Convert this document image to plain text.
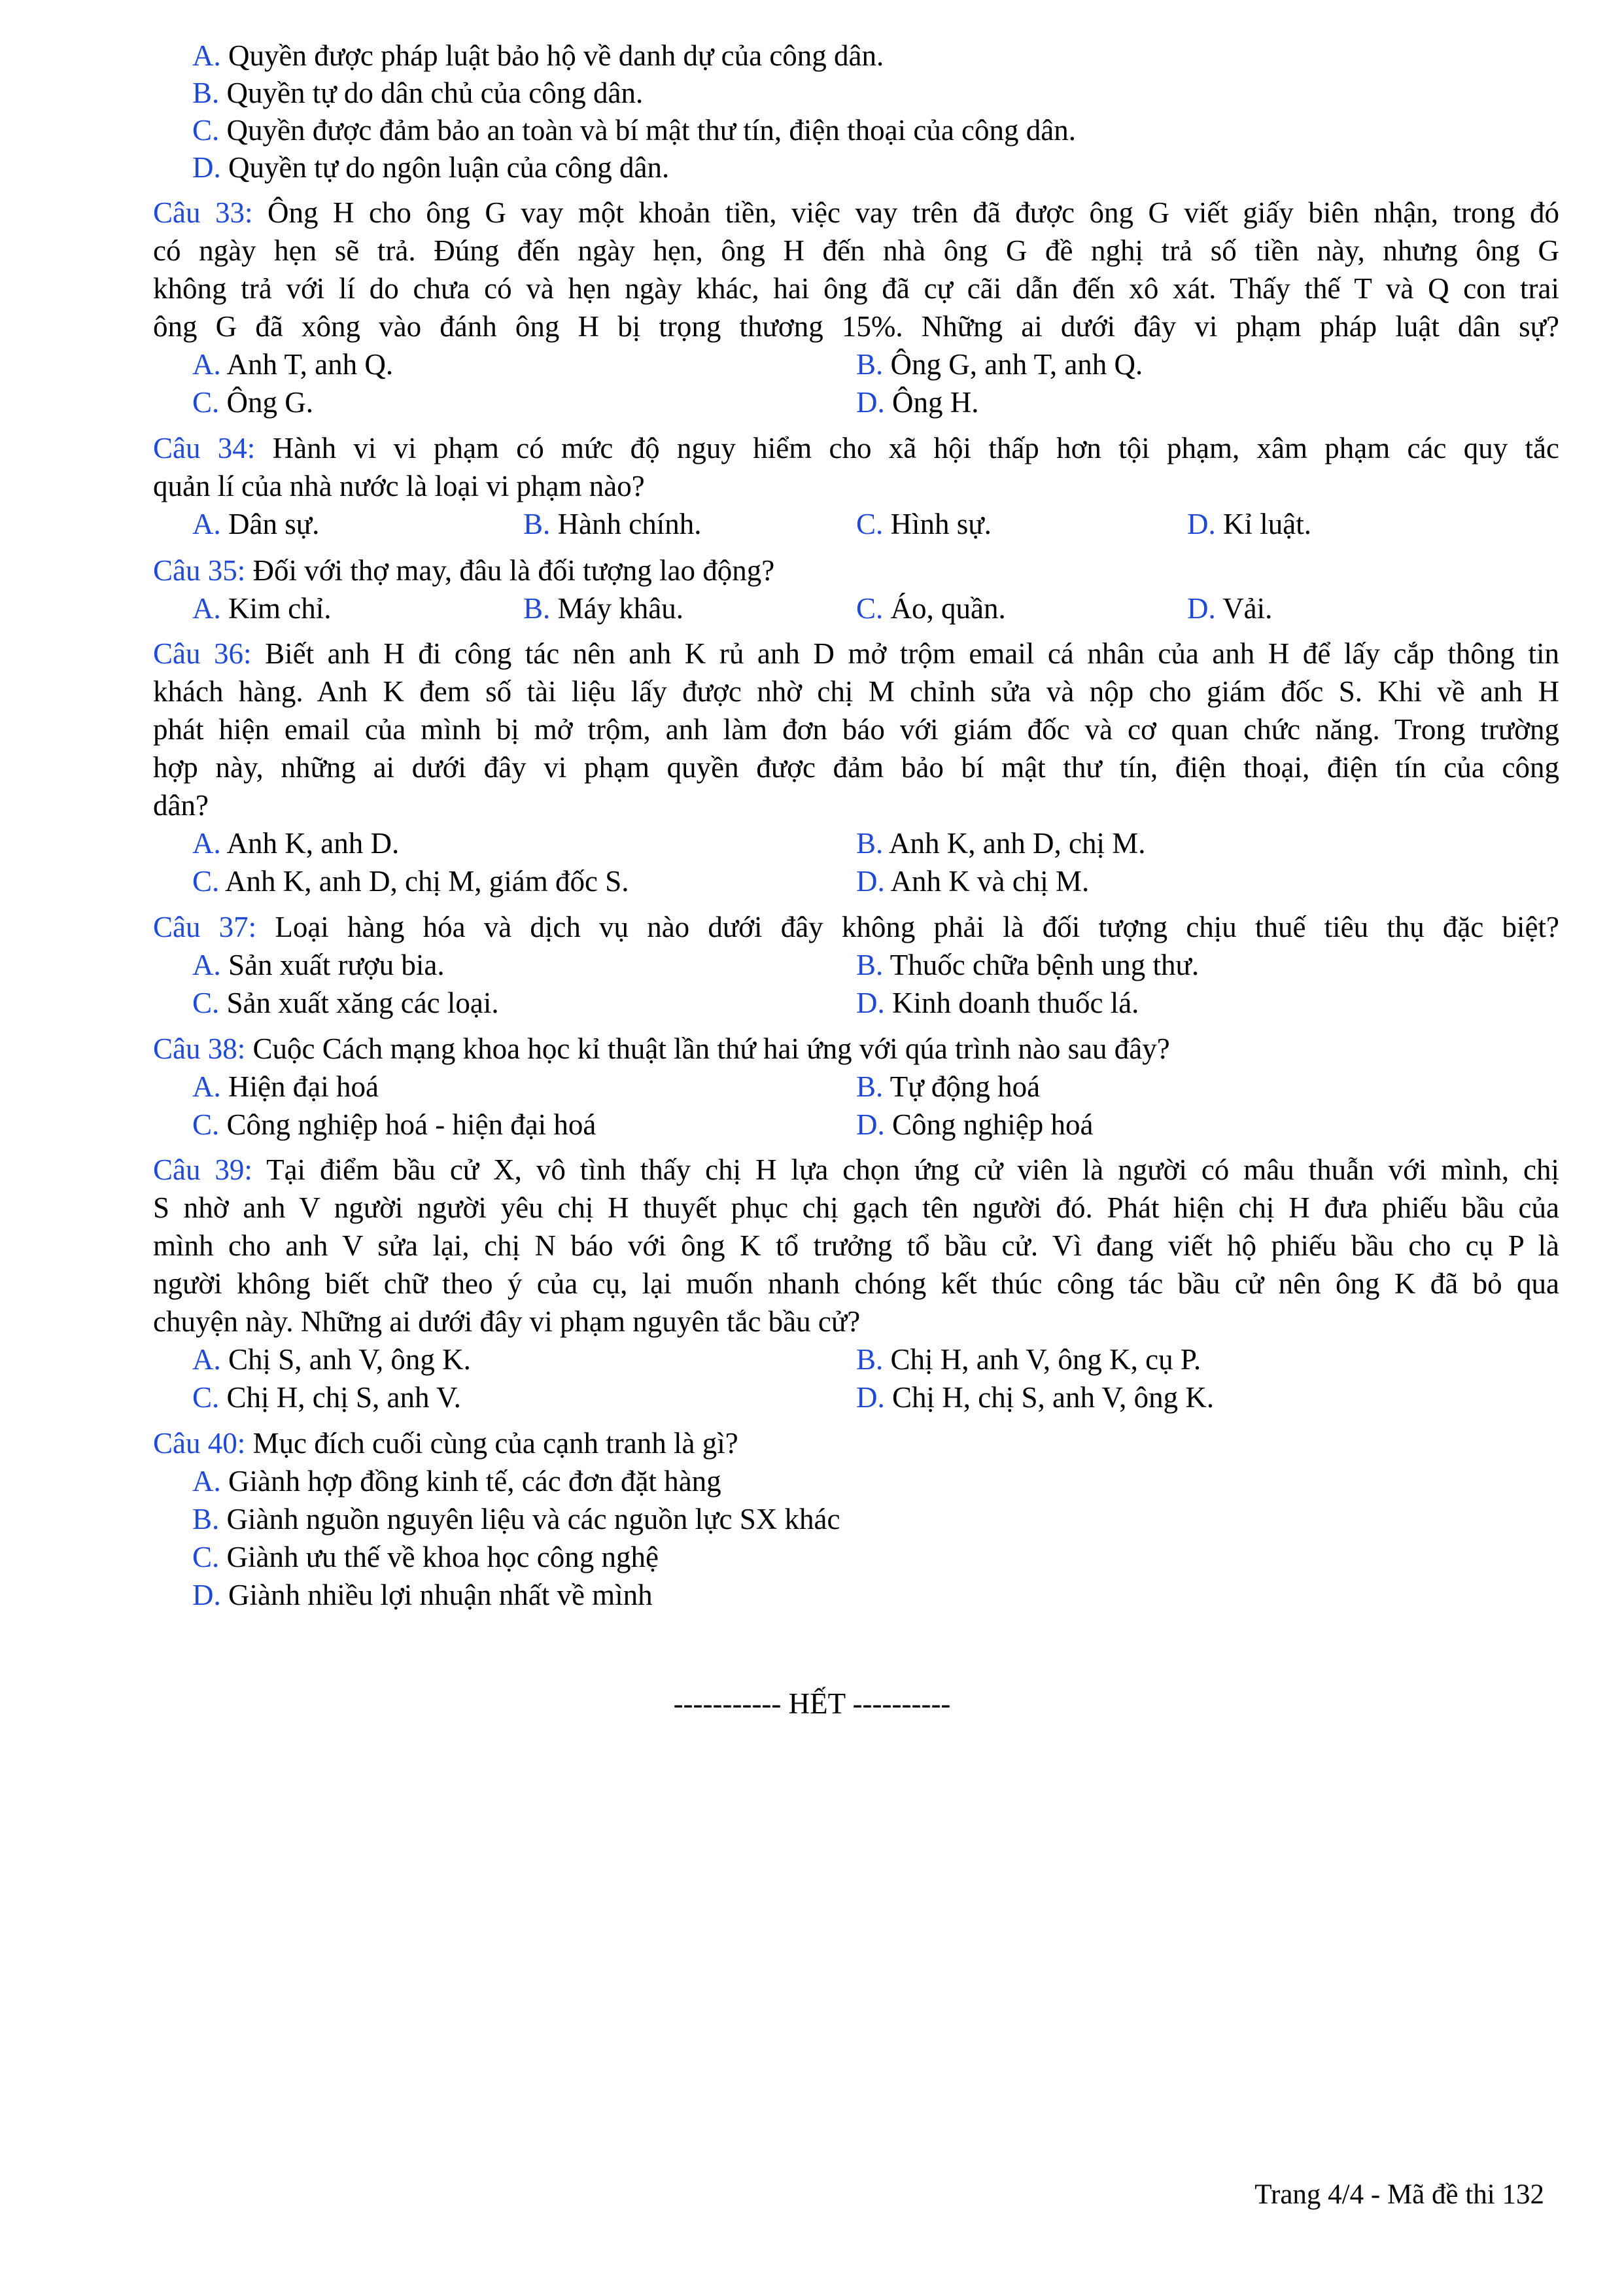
A. Quyền được pháp luật bảo hộ về danh dự của công dân.
B. Quyền tự do dân chủ của công dân.
C. Quyền được đảm bảo an toàn và bí mật thư tín, điện thoại của công dân.
D. Quyền tự do ngôn luận của công dân.
Câu 33: Ông H cho ông G vay một khoản tiền, việc vay trên đã được ông G viết giấy biên nhận, trong đó
có ngày hẹn sẽ trả. Đúng đến ngày hẹn, ông H đến nhà ông G đề nghị trả số tiền này, nhưng ông G
không trả với lí do chưa có và hẹn ngày khác, hai ông đã cự cãi dẫn đến xô xát. Thấy thế T và Q con trai
ông G đã xông vào đánh ông H bị trọng thương 15%. Những ai dưới đây vi phạm pháp luật dân sự?
A. Anh T, anh Q.	B. Ông G, anh T, anh Q.
C. Ông G.	D. Ông H.
Câu 34: Hành vi vi phạm có mức độ nguy hiểm cho xã hội thấp hơn tội phạm, xâm phạm các quy tắc
quản lí của nhà nước là loại vi phạm nào?
A. Dân sự.	B. Hành chính.	C. Hình sự.	D. Kỉ luật.
Câu 35: Đối với thợ may, đâu là đối tượng lao động?
A. Kim chỉ.	B. Máy khâu.	C. Áo, quần.	D. Vải.
Câu 36: Biết anh H đi công tác nên anh K rủ anh D mở trộm email cá nhân của anh H để lấy cắp thông tin
khách hàng. Anh K đem số tài liệu lấy được nhờ chị M chỉnh sửa và nộp cho giám đốc S. Khi về anh H
phát hiện email của mình bị mở trộm, anh làm đơn báo với giám đốc và cơ quan chức năng. Trong trường
hợp này, những ai dưới đây vi phạm quyền được đảm bảo bí mật thư tín, điện thoại, điện tín của công
dân?
A. Anh K, anh D.	B. Anh K, anh D, chị M.
C. Anh K, anh D, chị M, giám đốc S.	D. Anh K và chị M.
Câu 37: Loại hàng hóa và dịch vụ nào dưới đây không phải là đối tượng chịu thuế tiêu thụ đặc biệt?
A. Sản xuất rượu bia.	B. Thuốc chữa bệnh ung thư.
C. Sản xuất xăng các loại.	D. Kinh doanh thuốc lá.
Câu 38: Cuộc Cách mạng khoa học kỉ thuật lần thứ hai ứng với qúa trình nào sau đây?
A. Hiện đại hoá	B. Tự động hoá
C. Công nghiệp hoá - hiện đại hoá	D. Công nghiệp hoá
Câu 39: Tại điểm bầu cử X, vô tình thấy chị H lựa chọn ứng cử viên là người có mâu thuẫn với mình, chị
S nhờ anh V người người yêu chị H thuyết phục chị gạch tên người đó. Phát hiện chị H đưa phiếu bầu của
mình cho anh V sửa lại, chị N báo với ông K tổ trưởng tổ bầu cử. Vì đang viết hộ phiếu bầu cho cụ P là
người không biết chữ theo ý của cụ, lại muốn nhanh chóng kết thúc công tác bầu cử nên ông K đã bỏ qua
chuyện này. Những ai dưới đây vi phạm nguyên tắc bầu cử?
A. Chị S, anh V, ông K.	B. Chị H, anh V, ông K, cụ P.
C. Chị H, chị S, anh V.	D. Chị H, chị S, anh V, ông K.
Câu 40: Mục đích cuối cùng của cạnh tranh là gì?
A. Giành hợp đồng kinh tế, các đơn đặt hàng
B. Giành nguồn nguyên liệu và các nguồn lực SX khác
C. Giành ưu thế về khoa học công nghệ
D. Giành nhiều lợi nhuận nhất về mình
----------- HẾT ----------
Trang 4/4 - Mã đề thi 132
